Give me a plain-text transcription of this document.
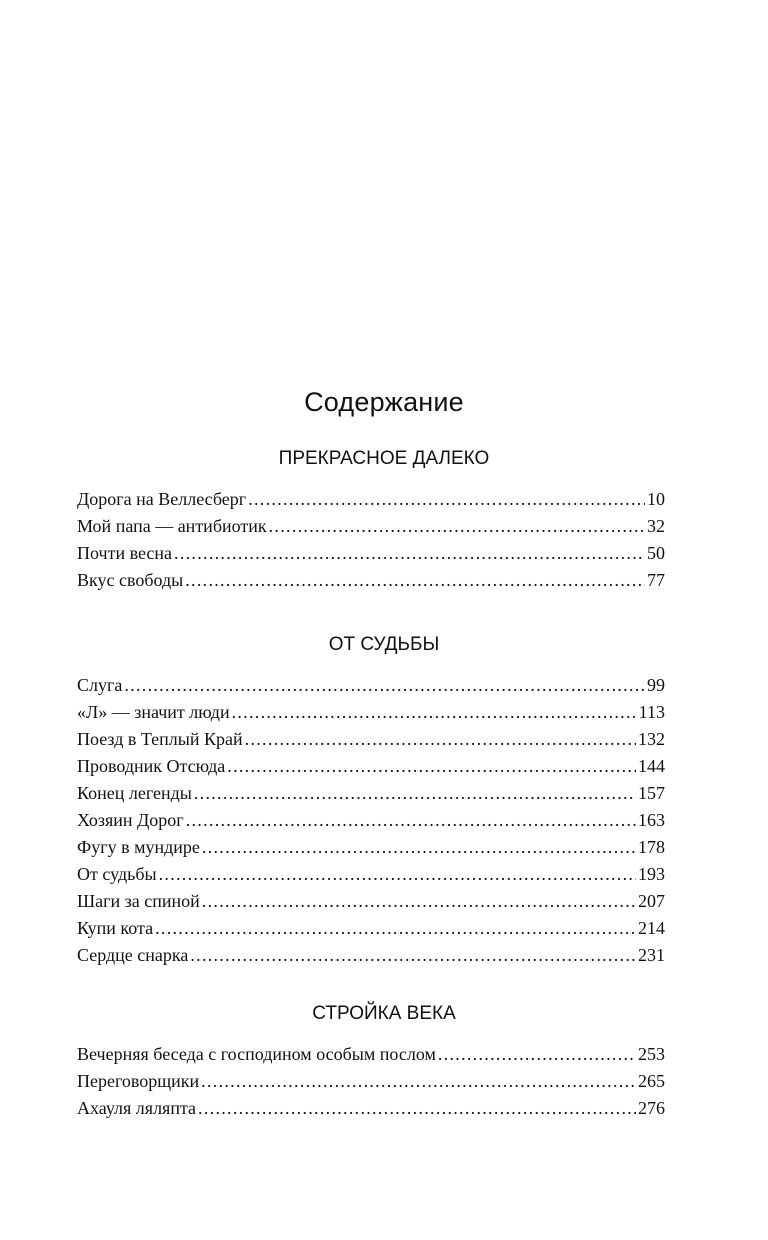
Содержание
ПРЕКРАСНОЕ ДАЛЕКО
Дорога на Веллесберг . . .	10
Мой папа — антибиотик . . .	32
Почти весна . . .	50
Вкус свободы . . .	77
ОТ СУДЬБЫ
Слуга . . .	99
«Л» — значит люди . . .	113
Поезд в Теплый Край . . .	132
Проводник Отсюда . . .	144
Конец легенды . . .	157
Хозяин Дорог . . .	163
Фугу в мундире . . .	178
От судьбы . . .	193
Шаги за спиной . . .	207
Купи кота . . .	214
Сердце снарка . . .	231
СТРОЙКА ВЕКА
Вечерняя беседа с господином особым послом . . .	253
Переговорщики . . .	265
Ахауля ляляпта . . .	276
